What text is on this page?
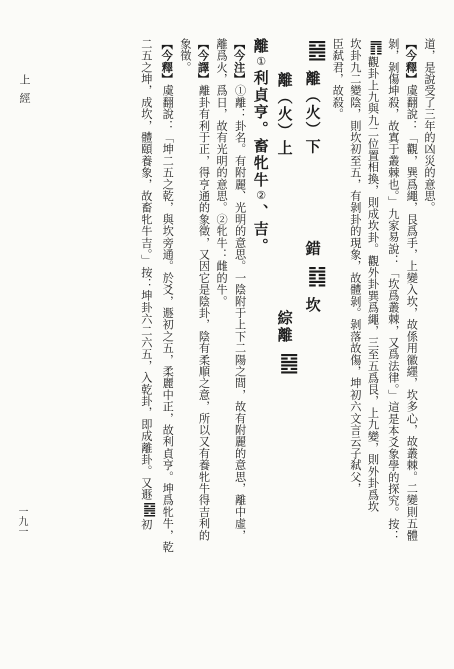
上 經
一九一
道，是說受了三年的凶災的意思。
【今釋】虞翻說：「觀，巽爲繩，艮爲手，上變入坎，故係用徽纆，坎多心，故叢棘。二變則五體
剝，剝傷坤殺，故寘于叢棘也。」九家易說：「坎爲叢棘，又爲法律。」這是本爻象學的探究。按：
䷓觀卦上九與九二位置相換，則成坎卦。觀外卦巽爲繩，三至五爲艮，上九變，則外卦爲坎
坎卦九二變陰，則坎初至五，有剝卦的現象，故體剝。剝落故傷，坤初六文言云子弒父，
臣弑君，故殺。
䷝ 離（火）下　　　　　錯 ䷜ 坎
　　離（火）上　　　　　　　　　綜離 ䷝
離①利貞亨。畜牝牛②、吉。
【今注】①離：卦名。有附麗、光明的意思。一陰附于上下二陽之間，故有附麗的意思，離中虛，
離爲火，爲日，故有光明的意思。②牝牛：雌的牛。
【今譯】離卦有利于正，得亨通的象徵，又因它是陰卦，陰有柔順之意，所以又有養牝牛得吉利的
象徵。
【今釋】虞翻說：「坤二五之乾，與坎旁通。於爻，遯初之五，柔麗中正，故利貞亨。坤爲牝牛，乾
二五之坤，成坎，體頤養象，故畜牝牛吉。」按：坤卦六二六五，入乾卦，即成離卦。又遯䷝初
